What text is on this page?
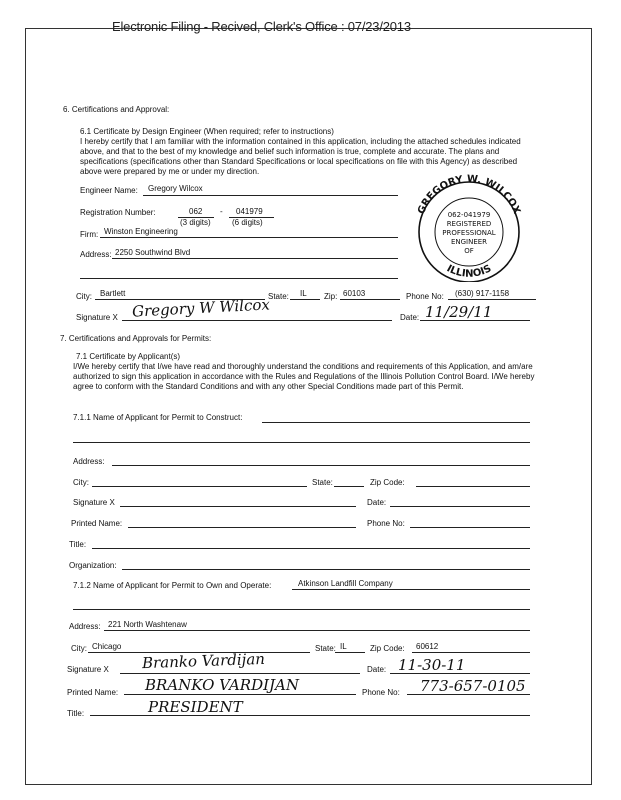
Electronic Filing - Recived, Clerk's Office : 07/23/2013
6. Certifications and Approval:
6.1 Certificate by Design Engineer (When required; refer to instructions)
I hereby certify that I am familiar with the information contained in this application, including the attached schedules indicated above, and that to the best of my knowledge and belief such information is true, complete and accurate. The plans and specifications (specifications other than Standard Specifications or local specifications on file with this Agency) as described above were prepared by me or under my direction.
Engineer Name: Gregory Wilcox
Registration Number:	062 - 041979
(3 digits)	(6 digits)
Firm: Winston Engineering
Address: 2250 Southwind Blvd
GREGORY W. WILCOX
ILLINOIS
062-041979
REGISTERED
PROFESSIONAL
ENGINEER
OF
City: Bartlett	State: IL Zip: 60103	Phone No: (630) 917-1158
Signature X Gregory W Wilcox	Date: 11/29/11
7. Certifications and Approvals for Permits:
7.1 Certificate by Applicant(s)
I/We hereby certify that I/we have read and thoroughly understand the conditions and requirements of this Application, and am/are authorized to sign this application in accordance with the Rules and Regulations of the Illinois Pollution Control Board. I/We hereby agree to conform with the Standard Conditions and with any other Special Conditions made part of this Permit.
7.1.1 Name of Applicant for Permit to Construct:
Address:
City:	State:	Zip Code:
Signature X	Date:
Printed Name:	Phone No:
Title:
Organization:
7.1.2 Name of Applicant for Permit to Own and Operate:	Atkinson Landfill Company
Address: 221 North Washtenaw
City: Chicago	State: IL	Zip Code: 60612
Signature X Branko Vardijan	Date: 11-30-11
Printed Name: BRANKO VARDIJAN	Phone No: 773-657-0105
Title:	PRESIDENT
